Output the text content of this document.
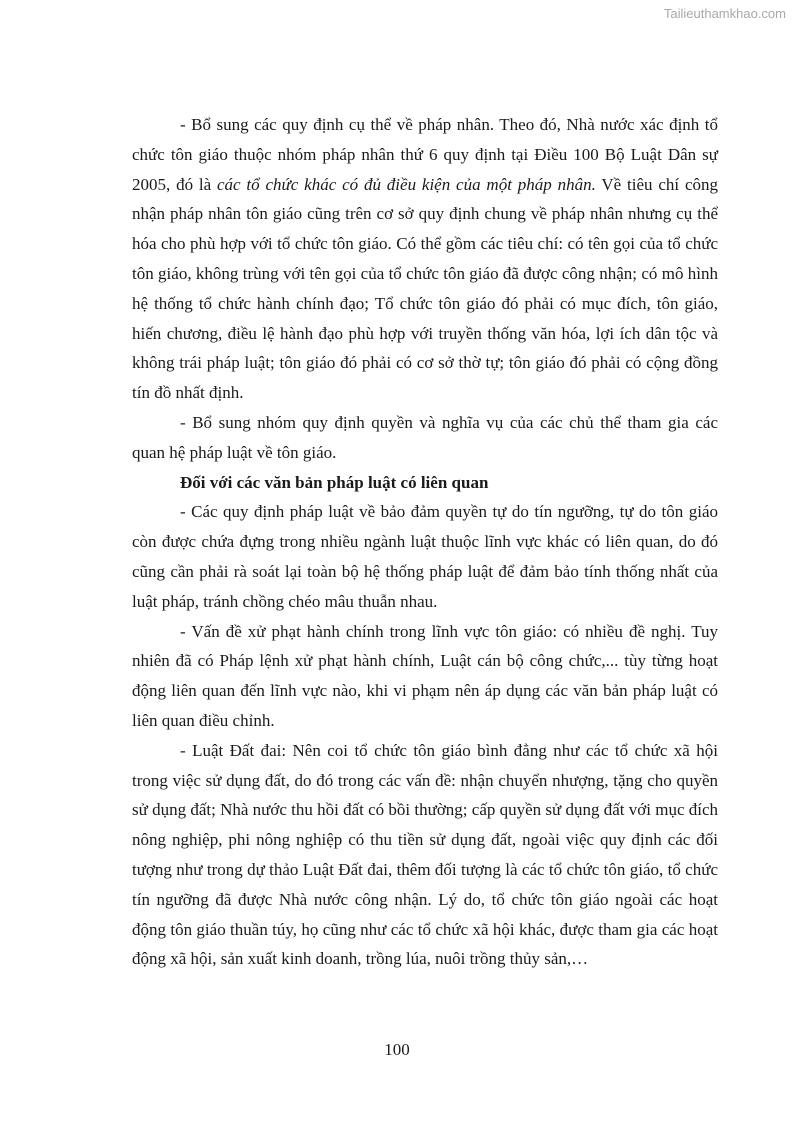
Tailieuthamkhao.com

- Bổ sung các quy định cụ thể về pháp nhân. Theo đó, Nhà nước xác định tổ chức tôn giáo thuộc nhóm pháp nhân thứ 6 quy định tại Điều 100 Bộ Luật Dân sự 2005, đó là các tổ chức khác có đủ điều kiện của một pháp nhân. Về tiêu chí công nhận pháp nhân tôn giáo cũng trên cơ sở quy định chung về pháp nhân nhưng cụ thể hóa cho phù hợp với tổ chức tôn giáo. Có thể gồm các tiêu chí: có tên gọi của tổ chức tôn giáo, không trùng với tên gọi của tổ chức tôn giáo đã được công nhận; có mô hình hệ thống tổ chức hành chính đạo; Tổ chức tôn giáo đó phải có mục đích, tôn giáo, hiến chương, điều lệ hành đạo phù hợp với truyền thống văn hóa, lợi ích dân tộc và không trái pháp luật; tôn giáo đó phải có cơ sở thờ tự; tôn giáo đó phải có cộng đồng tín đồ nhất định.

- Bổ sung nhóm quy định quyền và nghĩa vụ của các chủ thể tham gia các quan hệ pháp luật về tôn giáo.

Đối với các văn bản pháp luật có liên quan

- Các quy định pháp luật về bảo đảm quyền tự do tín ngưỡng, tự do tôn giáo còn được chứa đựng trong nhiều ngành luật thuộc lĩnh vực khác có liên quan, do đó cũng cần phải rà soát lại toàn bộ hệ thống pháp luật để đảm bảo tính thống nhất của luật pháp, tránh chồng chéo mâu thuẫn nhau.

- Vấn đề xử phạt hành chính trong lĩnh vực tôn giáo: có nhiều đề nghị. Tuy nhiên đã có Pháp lệnh xử phạt hành chính, Luật cán bộ công chức,... tùy từng hoạt động liên quan đến lĩnh vực nào, khi vi phạm nên áp dụng các văn bản pháp luật có liên quan điều chỉnh.

- Luật Đất đai: Nên coi tổ chức tôn giáo bình đẳng như các tổ chức xã hội trong việc sử dụng đất, do đó trong các vấn đề: nhận chuyển nhượng, tặng cho quyền sử dụng đất; Nhà nước thu hồi đất có bồi thường; cấp quyền sử dụng đất với mục đích nông nghiệp, phi nông nghiệp có thu tiền sử dụng đất, ngoài việc quy định các đối tượng như trong dự thảo Luật Đất đai, thêm đối tượng là các tổ chức tôn giáo, tổ chức tín ngưỡng đã được Nhà nước công nhận. Lý do, tổ chức tôn giáo ngoài các hoạt động tôn giáo thuần túy, họ cũng như các tổ chức xã hội khác, được tham gia các hoạt động xã hội, sản xuất kinh doanh, trồng lúa, nuôi trồng thủy sản,…

100
